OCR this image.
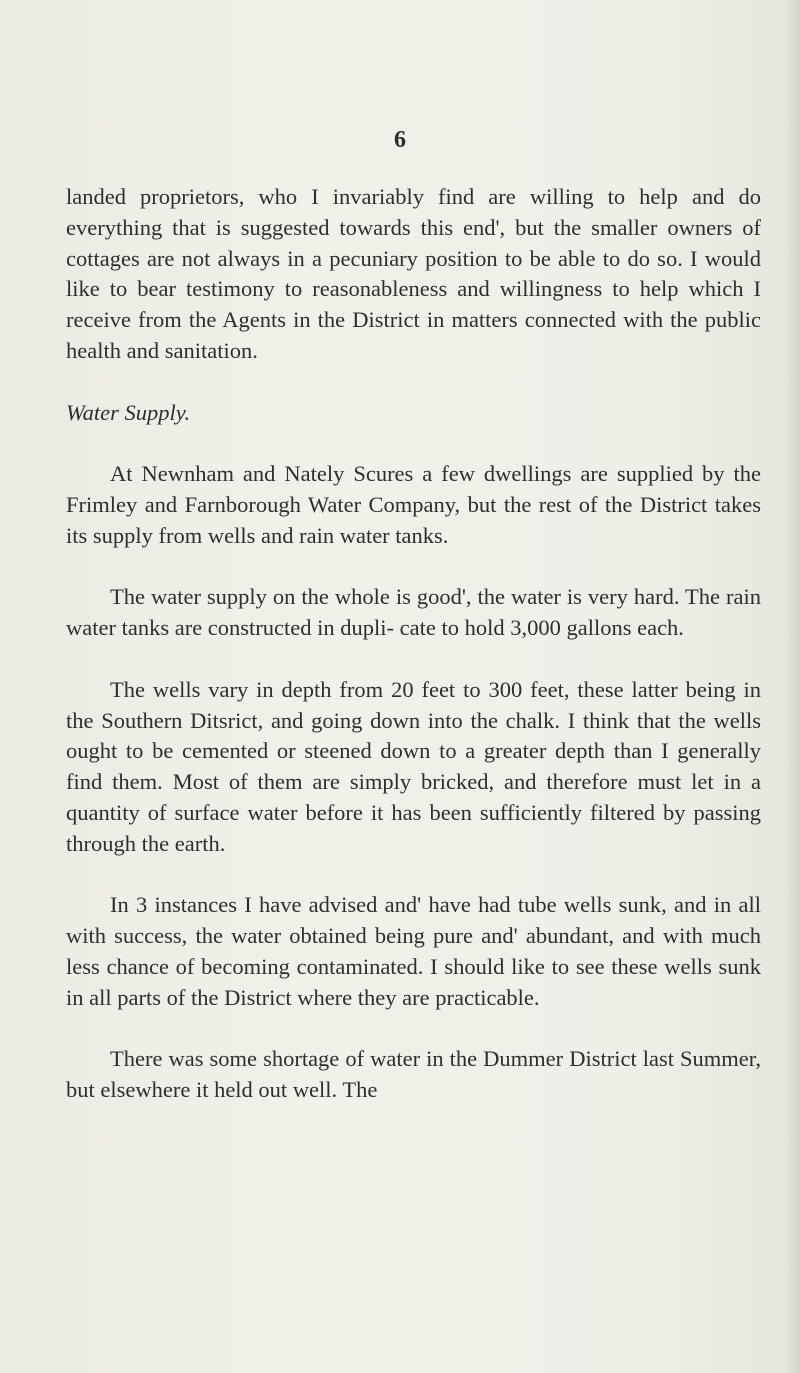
6

landed proprietors, who I invariably find are willing to help and do everything that is suggested towards this end', but the smaller owners of cottages are not always in a pecuniary position to be able to do so. I would like to bear testimony to reasonableness and willingness to help which I receive from the Agents in the District in matters connected with the public health and sanitation.

Water Supply.

At Newnham and Nately Scures a few dwellings are supplied by the Frimley and Farnborough Water Company, but the rest of the District takes its supply from wells and rain water tanks.

The water supply on the whole is good', the water is very hard. The rain water tanks are constructed in dupli- cate to hold 3,000 gallons each.

The wells vary in depth from 20 feet to 300 feet, these latter being in the Southern Ditsrict, and going down into the chalk. I think that the wells ought to be cemented or steened down to a greater depth than I generally find them. Most of them are simply bricked, and therefore must let in a quantity of surface water before it has been sufficiently filtered by passing through the earth.

In 3 instances I have advised and' have had tube wells sunk, and in all with success, the water obtained being pure and' abundant, and with much less chance of becoming contaminated. I should like to see these wells sunk in all parts of the District where they are practicable.

There was some shortage of water in the Dummer District last Summer, but elsewhere it held out well. The
